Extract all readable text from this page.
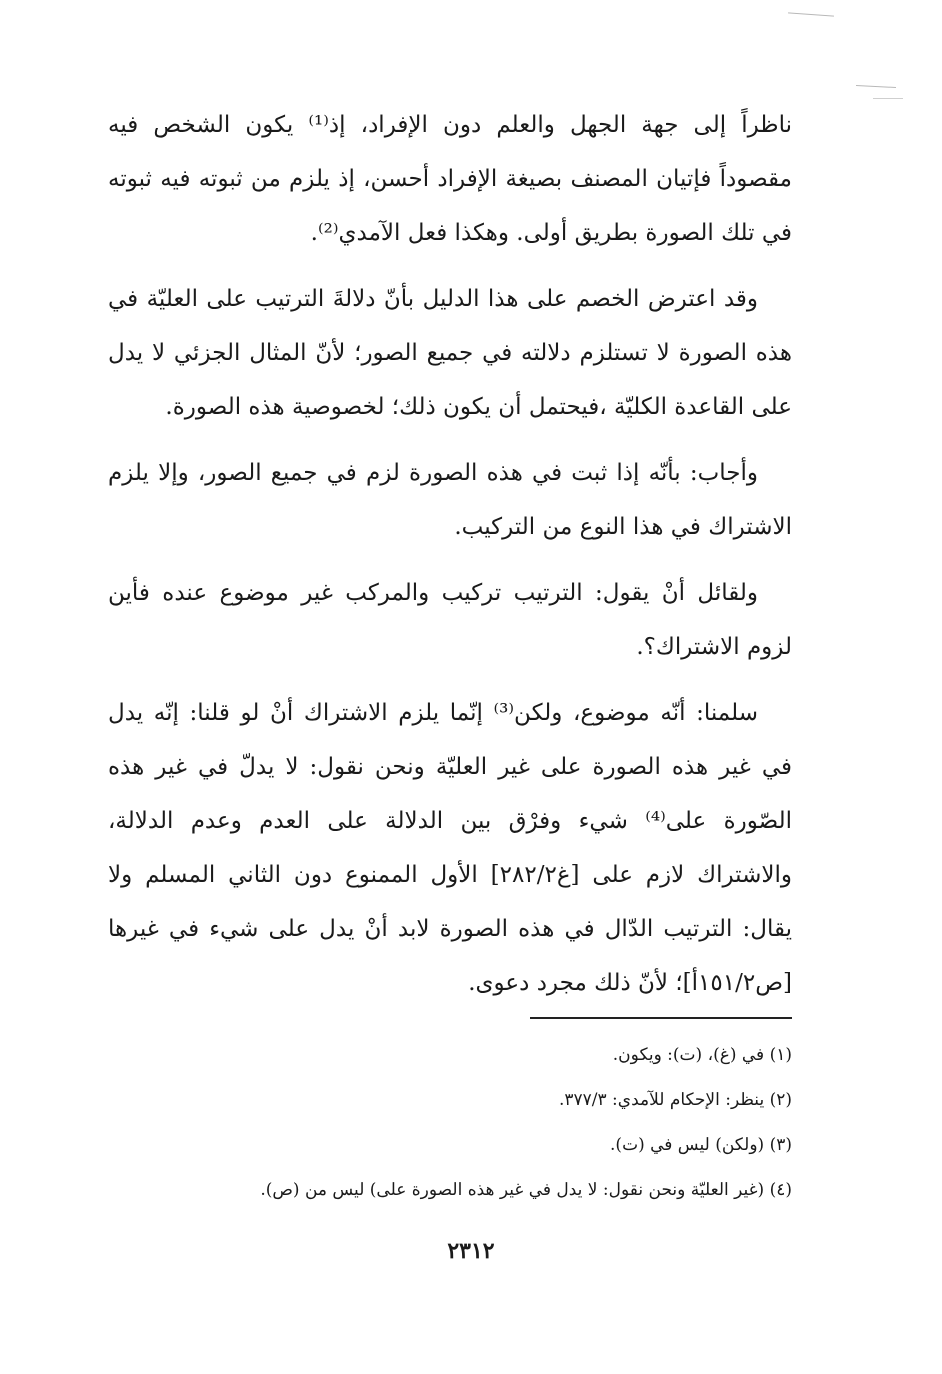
ناظراً إلى جهة الجهل والعلم دون الإفراد، إذ⁽¹⁾ يكون الشخص فيه مقصوداً فإتيان المصنف بصيغة الإفراد أحسن، إذ يلزم من ثبوته فيه ثبوته في تلك الصورة بطريق أولى. وهكذا فعل الآمدي⁽²⁾.

وقد اعترض الخصم على هذا الدليل بأنّ دلالةَ الترتيب على العليّة في هذه الصورة لا تستلزم دلالته في جميع الصور؛ لأنّ المثال الجزئي لا يدل على القاعدة الكليّة ،فيحتمل أن يكون ذلك؛ لخصوصية هذه الصورة.

وأجاب: بأنّه إذا ثبت في هذه الصورة لزم في جميع الصور، وإلا يلزم الاشتراك في هذا النوع من التركيب.

ولقائل أنْ يقول: الترتيب تركيب والمركب غير موضوع عنده فأين لزوم الاشتراك؟.

سلمنا: أنّه موضوع، ولكن⁽³⁾ إنّما يلزم الاشتراك أنْ لو قلنا: إنّه يدل في غير هذه الصورة على غير العليّة ونحن نقول: لا يدلّ في غير هذه الصّورة على⁽⁴⁾ شيء وفرْق بين الدلالة على العدم وعدم الدلالة، والاشتراك لازم على [غ٢٨٢/٢] الأول الممنوع دون الثاني المسلم ولا يقال: الترتيب الدّال في هذه الصورة لابد أنْ يدل على شيء في غيرها [ص١٥١/٢أ]؛ لأنّ ذلك مجرد دعوى.

(١) في (غ)، (ت): ويكون.

(٢) ينظر: الإحكام للآمدي: ٣٧٧/٣.

(٣) (ولكن) ليس في (ت).

(٤) (غير العليّة ونحن نقول: لا يدل في غير هذه الصورة على) ليس من (ص).

٢٣١٢
